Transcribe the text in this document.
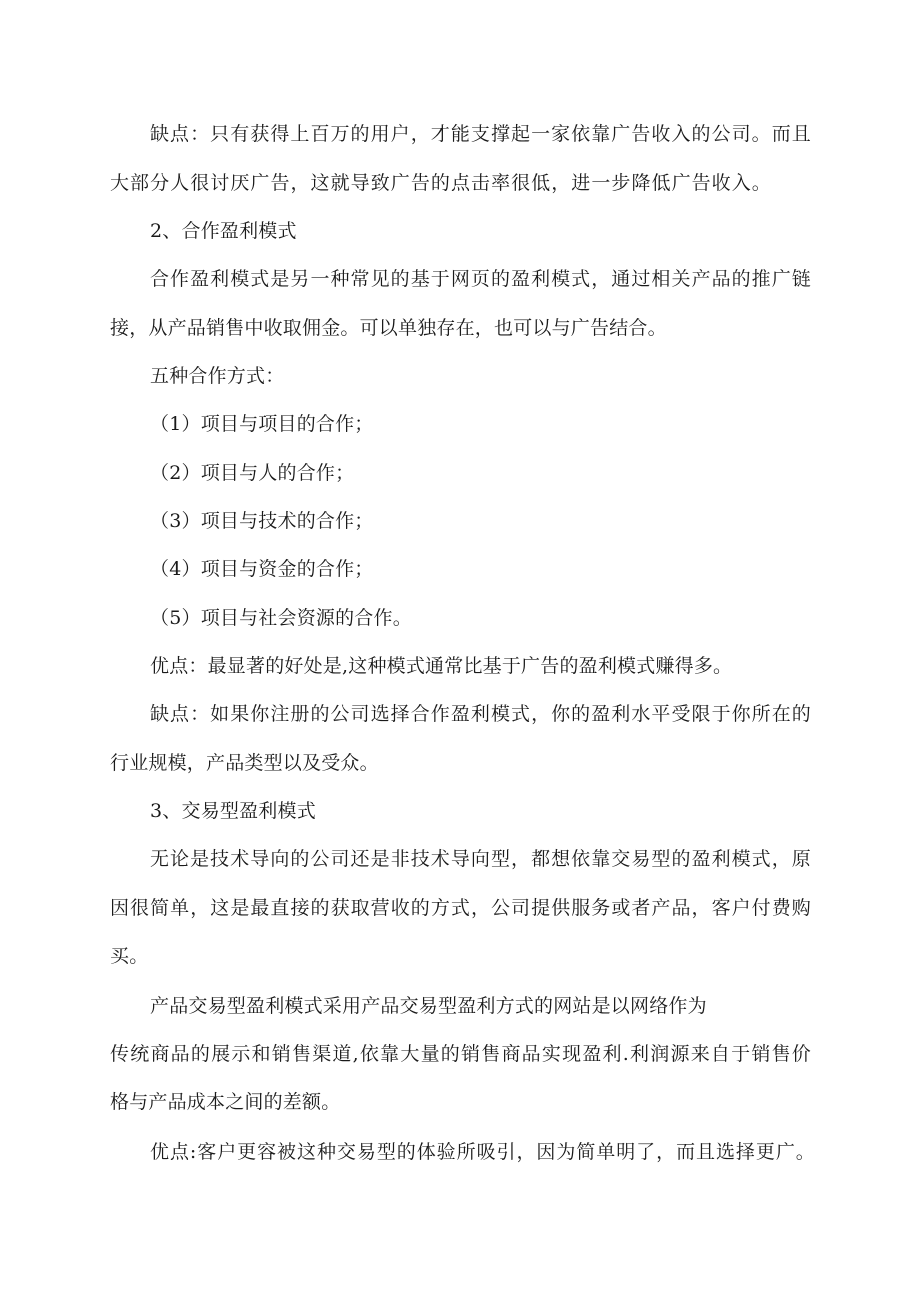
缺点：只有获得上百万的用户，才能支撑起一家依靠广告收入的公司。而且
大部分人很讨厌广告，这就导致广告的点击率很低，进一步降低广告收入。
2、合作盈利模式
合作盈利模式是另一种常见的基于网页的盈利模式，通过相关产品的推广链
接，从产品销售中收取佣金。可以单独存在，也可以与广告结合。
五种合作方式：
（1）项目与项目的合作；
（2）项目与人的合作；
（3）项目与技术的合作；
（4）项目与资金的合作；
（5）项目与社会资源的合作。
优点：最显著的好处是,这种模式通常比基于广告的盈利模式赚得多。
缺点：如果你注册的公司选择合作盈利模式，你的盈利水平受限于你所在的
行业规模，产品类型以及受众。
3、交易型盈利模式
无论是技术导向的公司还是非技术导向型，都想依靠交易型的盈利模式，原
因很简单，这是最直接的获取营收的方式，公司提供服务或者产品，客户付费购
买。
产品交易型盈利模式采用产品交易型盈利方式的网站是以网络作为
传统商品的展示和销售渠道,依靠大量的销售商品实现盈利.利润源来自于销售价
格与产品成本之间的差额。
优点:客户更容被这种交易型的体验所吸引，因为简单明了，而且选择更广。
